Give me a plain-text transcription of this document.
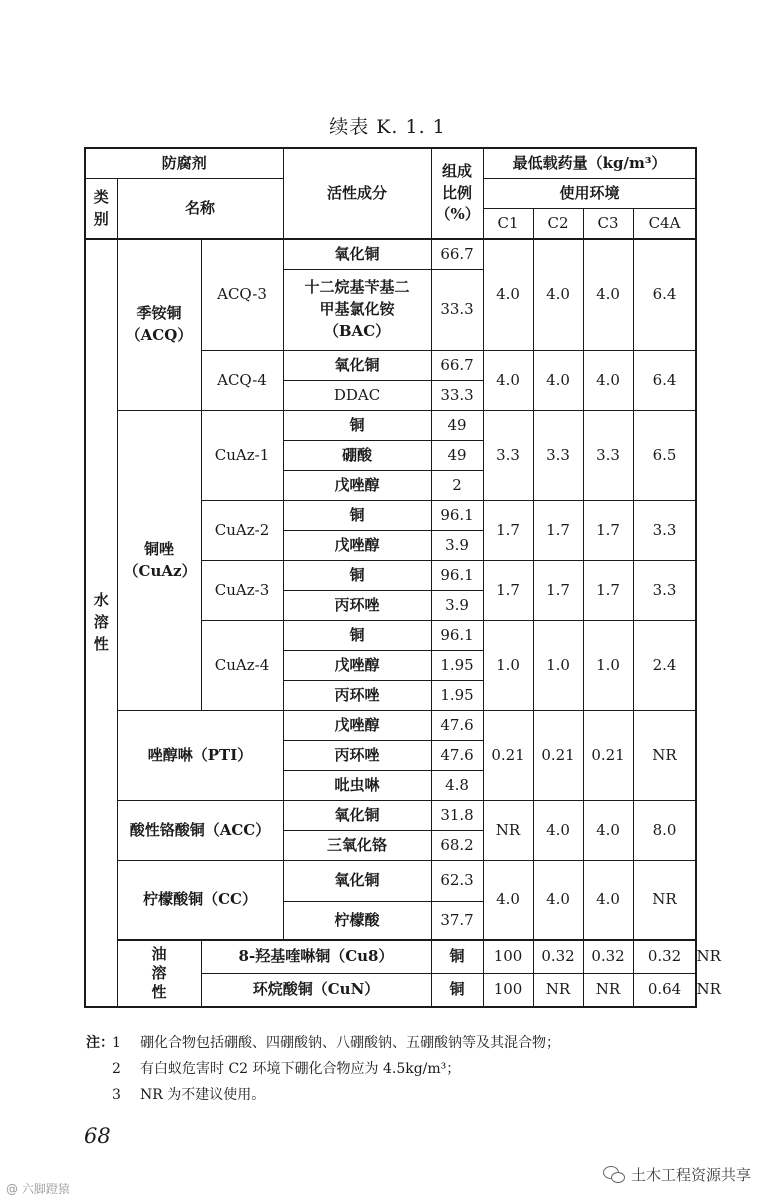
续表 K. 1. 1
防腐剂			活性成分	组成比例（%）	最低载药量（kg/m³）				
类
别	名称				使用环境				
					C1	C2	C3	C4A	
水
溶
性	季铵铜（ACQ）	ACQ-3	氧化铜	66.7	4.0	4.0	4.0	6.4	
			十二烷基苄基二甲基氯化铵（BAC）	33.3					
		ACQ-4	氧化铜	66.7	4.0	4.0	4.0	6.4	
			DDAC	33.3					
	铜唑（CuAz）	CuAz-1	铜	49	3.3	3.3	3.3	6.5	
			硼酸	49					
			戊唑醇	2					
		CuAz-2	铜	96.1	1.7	1.7	1.7	3.3	
			戊唑醇	3.9					
		CuAz-3	铜	96.1	1.7	1.7	1.7	3.3	
			丙环唑	3.9					
		CuAz-4	铜	96.1	1.0	1.0	1.0	2.4	
			戊唑醇	1.95					
			丙环唑	1.95					
	唑醇啉（PTI）		戊唑醇	47.6	0.21	0.21	0.21	NR	
			丙环唑	47.6					
			吡虫啉	4.8					
	酸性铬酸铜（ACC）		氧化铜	31.8	NR	4.0	4.0	8.0	
			三氧化铬	68.2					
	柠檬酸铜（CC）		氧化铜	62.3	4.0	4.0	4.0	NR	
			柠檬酸	37.7					
	油
溶
性	8-羟基喹啉铜（Cu8）		铜	100	0.32	0.32	0.32	NR
		环烷酸铜（CuN）		铜	100	NR	NR	0.64	NR
注：
1	硼化合物包括硼酸、四硼酸钠、八硼酸钠、五硼酸钠等及其混合物；
2	有白蚁危害时 C2 环境下硼化合物应为 4.5kg/m³；
3	NR 为不建议使用。
68
@ 六脚蹬猿
土木工程资源共享
